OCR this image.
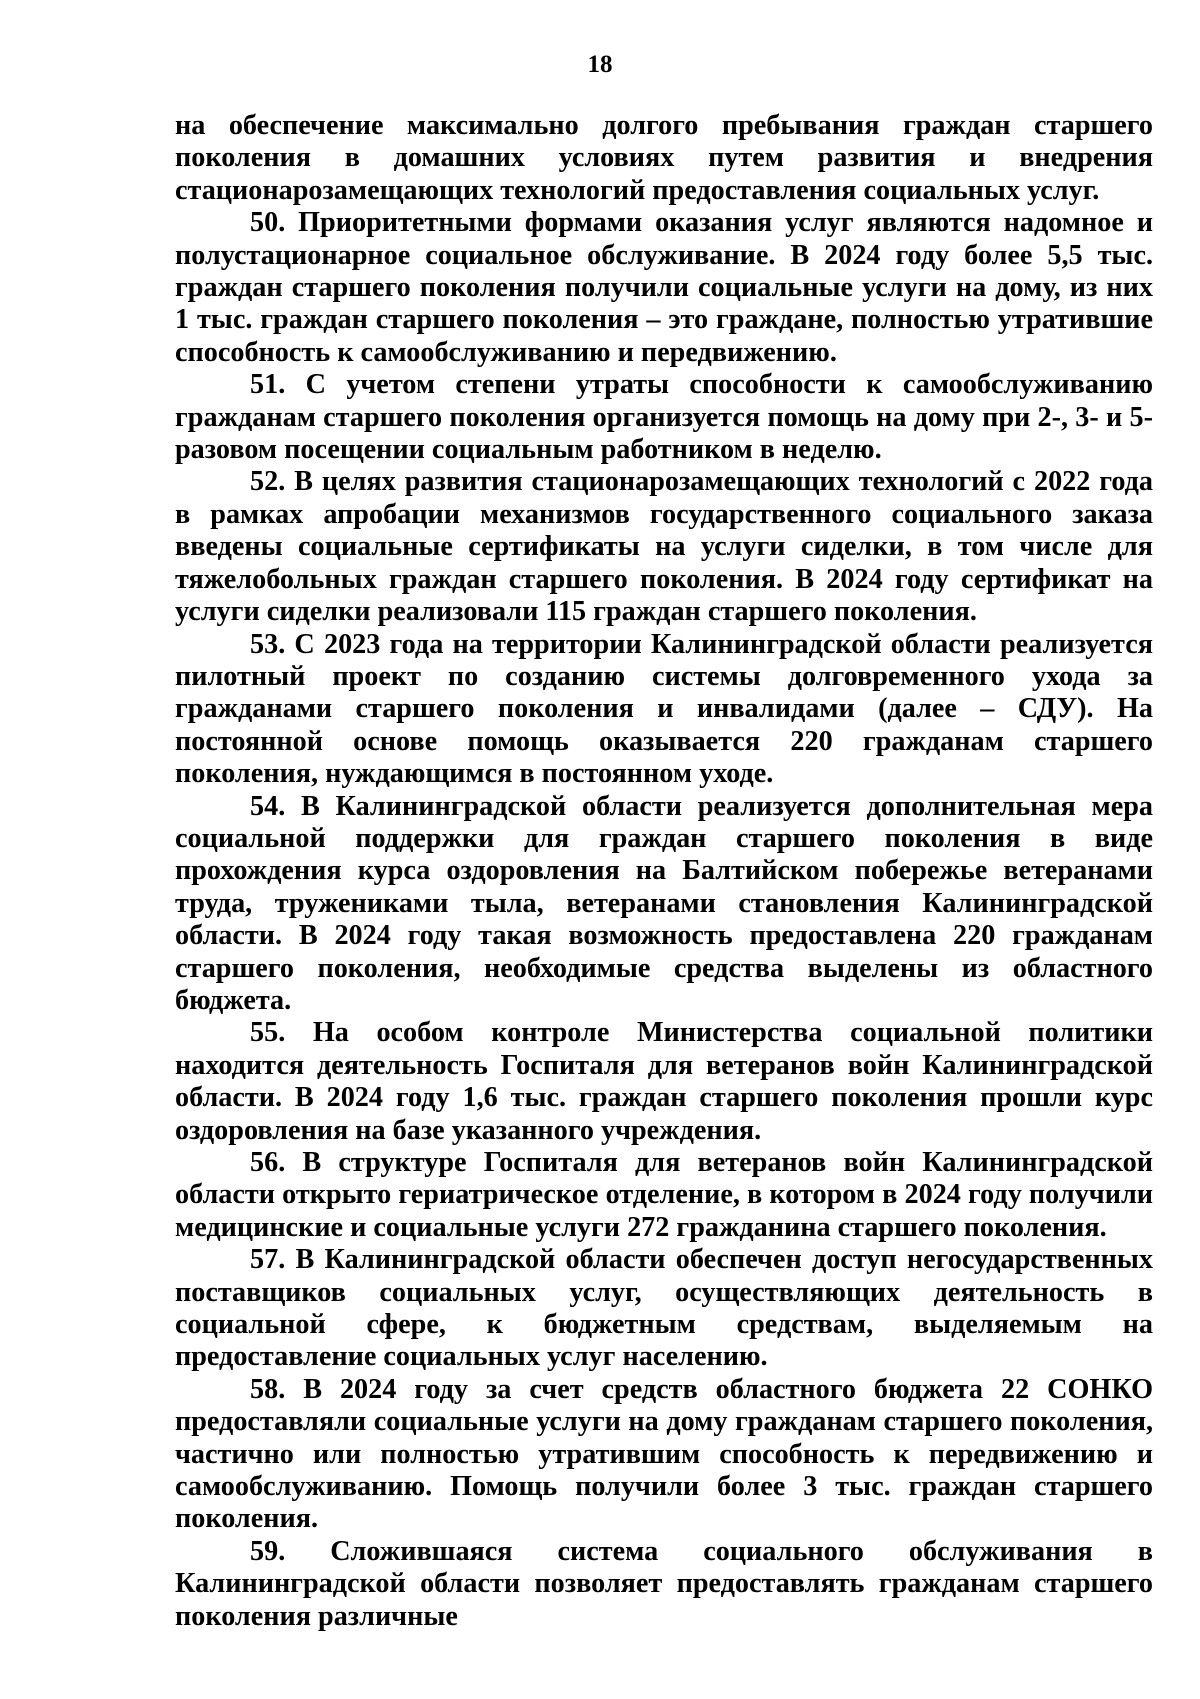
18

на обеспечение максимально долгого пребывания граждан старшего поколения в домашних условиях путем развития и внедрения стационарозамещающих технологий предоставления социальных услуг.

50. Приоритетными формами оказания услуг являются надомное и полустационарное социальное обслуживание. В 2024 году более 5,5 тыс. граждан старшего поколения получили социальные услуги на дому, из них 1 тыс. граждан старшего поколения – это граждане, полностью утратившие способность к самообслуживанию и передвижению.

51. С учетом степени утраты способности к самообслуживанию гражданам старшего поколения организуется помощь на дому при 2-, 3- и 5-разовом посещении социальным работником в неделю.

52. В целях развития стационарозамещающих технологий с 2022 года в рамках апробации механизмов государственного социального заказа введены социальные сертификаты на услуги сиделки, в том числе для тяжелобольных граждан старшего поколения. В 2024 году сертификат на услуги сиделки реализовали 115 граждан старшего поколения.

53. С 2023 года на территории Калининградской области реализуется пилотный проект по созданию системы долговременного ухода за гражданами старшего поколения и инвалидами (далее – СДУ). На постоянной основе помощь оказывается 220 гражданам старшего поколения, нуждающимся в постоянном уходе.

54. В Калининградской области реализуется дополнительная мера социальной поддержки для граждан старшего поколения в виде прохождения курса оздоровления на Балтийском побережье ветеранами труда, тружениками тыла, ветеранами становления Калининградской области. В 2024 году такая возможность предоставлена 220 гражданам старшего поколения, необходимые средства выделены из областного бюджета.

55. На особом контроле Министерства социальной политики находится деятельность Госпиталя для ветеранов войн Калининградской области. В 2024 году 1,6 тыс. граждан старшего поколения прошли курс оздоровления на базе указанного учреждения.

56. В структуре Госпиталя для ветеранов войн Калининградской области открыто гериатрическое отделение, в котором в 2024 году получили медицинские и социальные услуги 272 гражданина старшего поколения.

57. В Калининградской области обеспечен доступ негосударственных поставщиков социальных услуг, осуществляющих деятельность в социальной сфере, к бюджетным средствам, выделяемым на предоставление социальных услуг населению.

58. В 2024 году за счет средств областного бюджета 22 СОНКО предоставляли социальные услуги на дому гражданам старшего поколения, частично или полностью утратившим способность к передвижению и самообслуживанию. Помощь получили более 3 тыс. граждан старшего поколения.

59. Сложившаяся система социального обслуживания в Калининградской области позволяет предоставлять гражданам старшего поколения различные
